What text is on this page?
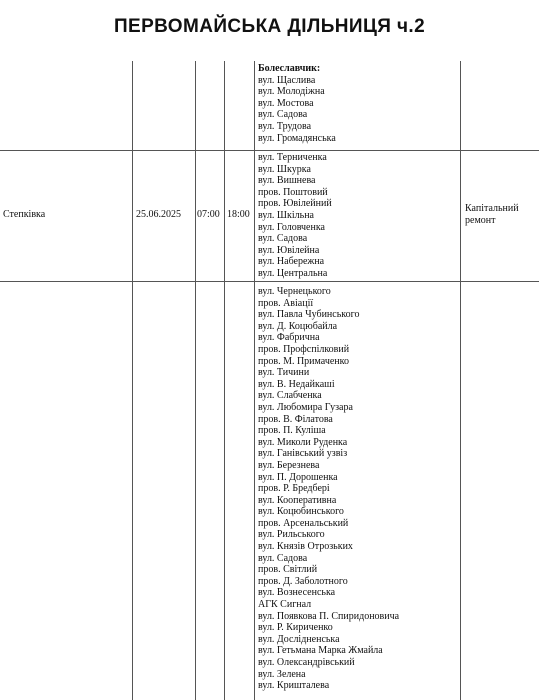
ПЕРВОМАЙСЬКА ДІЛЬНИЦЯ ч.2
Болеславчик:
вул. Щаслива
вул. Молодіжна
вул. Мостова
вул. Садова
вул. Трудова
вул. Громадянська
Степківка	25.06.2025 07:00 18:00
Капітальний ремонт
вул. Терниченка
вул. Шкурка
вул. Вишнева
пров. Поштовий
пров. Ювілейний
вул. Шкільна
вул. Головченка
вул. Садова
вул. Ювілейна
вул. Набережна
вул. Центральна
вул. Чернецького
пров. Авіації
вул. Павла Чубинського
вул. Д. Коцюбайла
вул. Фабрична
пров. Профспілковий
пров. М. Примаченко
вул. Тичини
вул. В. Недайкаші
вул. Слабченка
вул. Любомира Гузара
пров. В. Філатова
пров. П. Куліша
вул. Миколи Руденка
вул. Ганівський узвіз
вул. Березнева
вул. П. Дорошенка
пров. Р. Бредбері
вул. Кооперативна
вул. Коцюбинського
пров. Арсенальський
вул. Рильського
вул. Князів Отрозьких
вул. Садова
пров. Світлий
пров. Д. Заболотного
вул. Вознесенська
АГК Сигнал
вул. Появкова П. Спиридоновича
вул. Р. Кириченко
вул. Дослідненська
вул. Гетьмана Марка Жмайла
вул. Олександрівський
вул. Зелена
вул. Кришталева
